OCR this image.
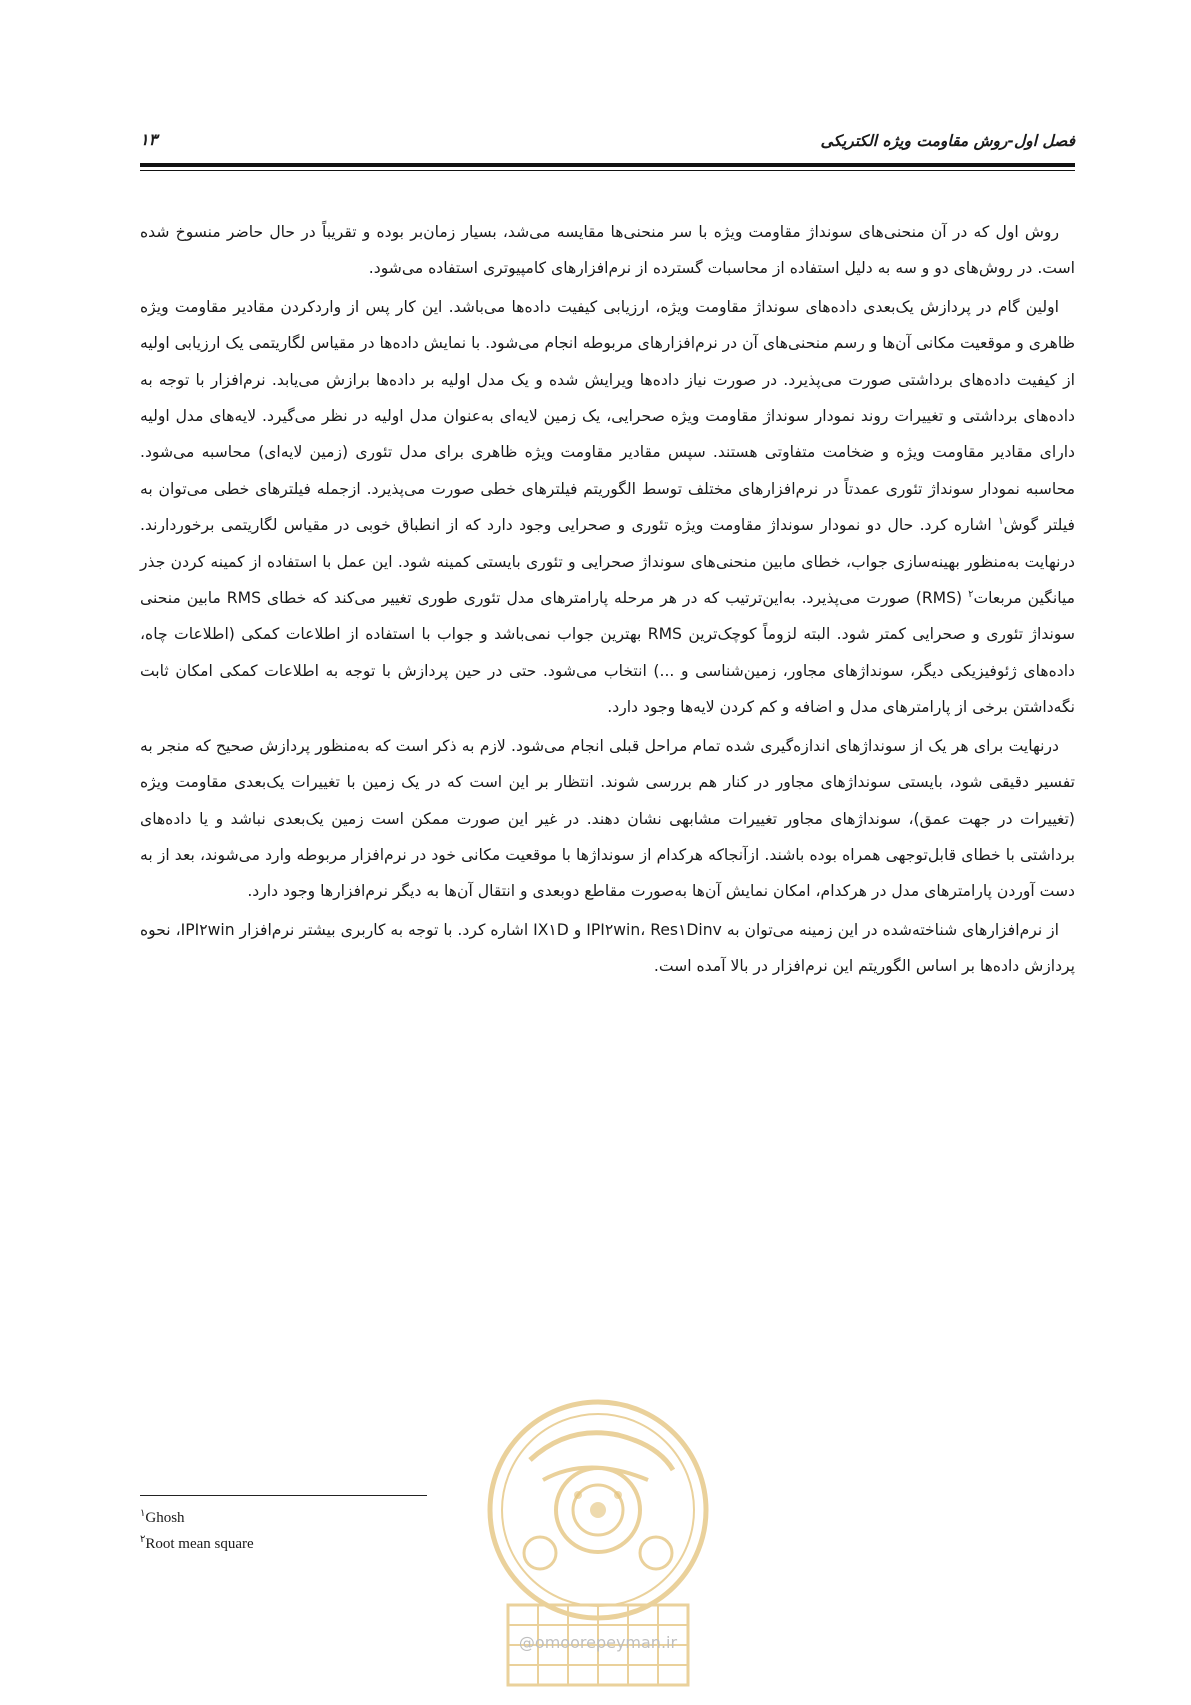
فصل اول-روش مقاومت ویژه الکتریکی
۱۳

روش اول که در آن منحنی‌های سونداژ مقاومت ویژه با سر منحنی‌ها مقایسه می‌شد، بسیار زمان‌بر بوده و تقریباً در حال حاضر منسوخ شده است. در روش‌های دو و سه به دلیل استفاده از محاسبات گسترده از نرم‌افزارهای کامپیوتری استفاده می‌شود.

اولین گام در پردازش یک‌بعدی داده‌های سونداژ مقاومت ویژه، ارزیابی کیفیت داده‌ها می‌باشد. این کار پس از واردکردن مقادیر مقاومت ویژه ظاهری و موقعیت مکانی آن‌ها و رسم منحنی‌های آن در نرم‌افزارهای مربوطه انجام می‌شود. با نمایش داده‌ها در مقیاس لگاریتمی یک ارزیابی اولیه از کیفیت داده‌های برداشتی صورت می‌پذیرد. در صورت نیاز داده‌ها ویرایش شده و یک مدل اولیه بر داده‌ها برازش می‌یابد. نرم‌افزار با توجه به داده‌های برداشتی و تغییرات روند نمودار سونداژ مقاومت ویژه صحرایی، یک زمین لایه‌ای به‌عنوان مدل اولیه در نظر می‌گیرد. لایه‌های مدل اولیه دارای مقادیر مقاومت ویژه و ضخامت متفاوتی هستند. سپس مقادیر مقاومت ویژه ظاهری برای مدل تئوری (زمین لایه‌ای) محاسبه می‌شود. محاسبه نمودار سونداژ تئوری عمدتاً در نرم‌افزارهای مختلف توسط الگوریتم فیلترهای خطی صورت می‌پذیرد. ازجمله فیلترهای خطی می‌توان به فیلتر گوش$^۱$ اشاره کرد. حال دو نمودار سونداژ مقاومت ویژه تئوری و صحرایی وجود دارد که از انطباق خوبی در مقیاس لگاریتمی برخوردارند. درنهایت به‌منظور بهینه‌سازی جواب، خطای مابین منحنی‌های سونداژ صحرایی و تئوری بایستی کمینه شود. این عمل با استفاده از کمینه کردن جذر میانگین مربعات$^۲$ (RMS) صورت می‌پذیرد. به‌این‌ترتیب که در هر مرحله پارامترهای مدل تئوری طوری تغییر می‌کند که خطای RMS مابین منحنی سونداژ تئوری و صحرایی کمتر شود. البته لزوماً کوچک‌ترین RMS بهترین جواب نمی‌باشد و جواب با استفاده از اطلاعات کمکی (اطلاعات چاه، داده‌های ژئوفیزیکی دیگر، سونداژهای مجاور، زمین‌شناسی و ...) انتخاب می‌شود. حتی در حین پردازش با توجه به اطلاعات کمکی امکان ثابت نگه‌داشتن برخی از پارامترهای مدل و اضافه و کم کردن لایه‌ها وجود دارد.

درنهایت برای هر یک از سونداژهای اندازه‌گیری شده تمام مراحل قبلی انجام می‌شود. لازم به ذکر است که به‌منظور پردازش صحیح که منجر به تفسیر دقیقی شود، بایستی سونداژهای مجاور در کنار هم بررسی شوند. انتظار بر این است که در یک زمین با تغییرات یک‌بعدی مقاومت ویژه (تغییرات در جهت عمق)، سونداژهای مجاور تغییرات مشابهی نشان دهند. در غیر این صورت ممکن است زمین یک‌بعدی نباشد و یا داده‌های برداشتی با خطای قابل‌توجهی همراه بوده باشند. ازآنجاکه هرکدام از سونداژها با موقعیت مکانی خود در نرم‌افزار مربوطه وارد می‌شوند، بعد از به دست آوردن پارامترهای مدل در هرکدام، امکان نمایش آن‌ها به‌صورت مقاطع دوبعدی و انتقال آن‌ها به دیگر نرم‌افزارها وجود دارد.

از نرم‌افزارهای شناخته‌شده در این زمینه می‌توان به IPI۲win، Res۱Dinv و IX۱D اشاره کرد. با توجه به کاربری بیشتر نرم‌افزار IPI۲win، نحوه پردازش داده‌ها بر اساس الگوریتم این نرم‌افزار در بالا آمده است.

$^۱$Ghosh
$^۲$Root mean square
@omoorepeyman.ir
